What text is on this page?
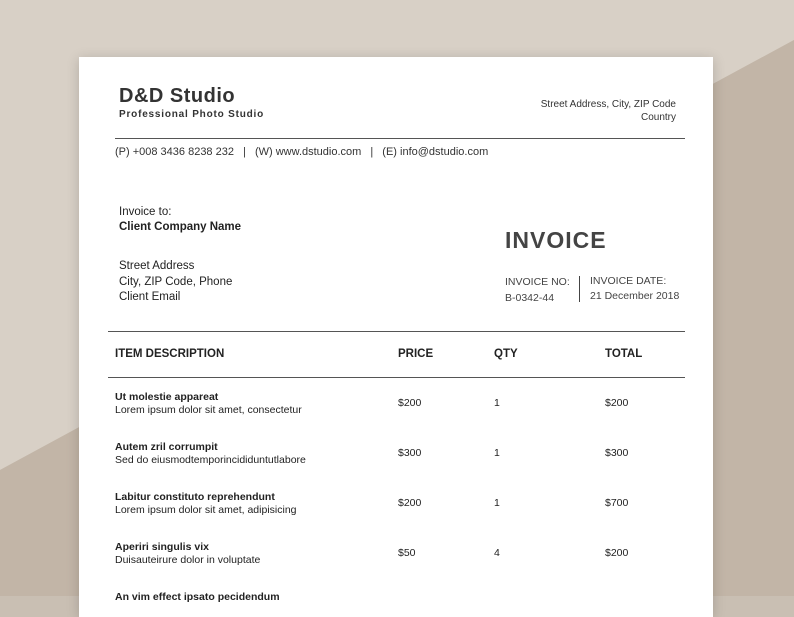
D&D Studio
Professional Photo Studio
Street Address, City, ZIP Code
Country
(P) +008 3436 8238 232 | (W) www.dstudio.com | (E) info@dstudio.com
Invoice to:
Client Company Name
Street Address
City, ZIP Code, Phone
Client Email
INVOICE
INVOICE NO:
B-0342-44
INVOICE DATE:
21 December 2018
ITEM DESCRIPTION	PRICE	QTY	TOTAL
Ut molestie appareat
Lorem ipsum dolor sit amet, consectetur
$200	1	$200
Autem zril corrumpit
Sed do eiusmodtemporincididuntutlabore
$300	1	$300
Labitur constituto reprehendunt
Lorem ipsum dolor sit amet, adipisicing
$200	1	$700
Aperiri singulis vix
Duisauteirure dolor in voluptate
$50	4	$200
An vim effect ipsato pecidendum
